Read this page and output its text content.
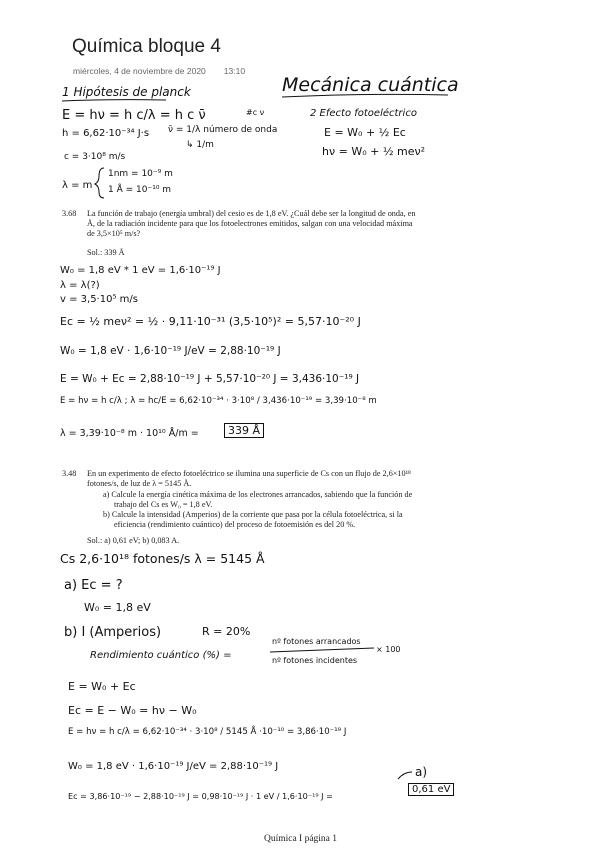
Química bloque 4
miércoles, 4 de noviembre de 2020 13:10
Mecánica cuántica
1 Hipótesis de planck
E = hν = h c/λ = h c ν̄	#c ν
h = 6,62·10⁻³⁴ J·s ν̄ = 1/λ número de onda
↳ 1/m
c = 3·10⁸ m/s
λ = m
1nm = 10⁻⁹ m
1 Å = 10⁻¹⁰ m
2 Efecto fotoeléctrico
E = W₀ + ½ Ec
hν = W₀ + ½ meν²
3.68 La función de trabajo (energía umbral) del cesio es de 1,8 eV. ¿Cuál debe ser la longitud de onda, en
Å, de la radiación incidente para que los fotoelectrones emitidos, salgan con una velocidad máxima
de 3,5×10⁵ m/s?
Sol.: 339 Å
W₀ = 1,8 eV * 1 eV = 1,6·10⁻¹⁹ J
λ = λ(?)
v = 3,5·10⁵ m/s
Ec = ½ meν² = ½ · 9,11·10⁻³¹ (3,5·10⁵)² = 5,57·10⁻²⁰ J
W₀ = 1,8 eV · 1,6·10⁻¹⁹ J/eV = 2,88·10⁻¹⁹ J
E = W₀ + Ec = 2,88·10⁻¹⁹ J + 5,57·10⁻²⁰ J = 3,436·10⁻¹⁹ J
E = hν = h c/λ ; λ = hc/E = 6,62·10⁻³⁴ · 3·10⁸ / 3,436·10⁻¹⁹ = 3,39·10⁻⁸ m
λ = 3,39·10⁻⁸ m · 10¹⁰ Å/m =	339 Å
3.48 En un experimento de efecto fotoeléctrico se ilumina una superficie de Cs con un flujo de 2,6×10¹⁸
fotones/s, de luz de λ = 5145 Å.
a) Calcule la energía cinética máxima de los electrones arrancados, sabiendo que la función de
trabajo del Cs es W₀ = 1,8 eV.
b) Calcule la intensidad (Amperios) de la corriente que pasa por la célula fotoeléctrica, si la
eficiencia (rendimiento cuántico) del proceso de fotoemisión es del 20 %.
Sol.: a) 0,61 eV; b) 0,083 A.
Cs 2,6·10¹⁸ fotones/s λ = 5145 Å
a) Ec = ?
W₀ = 1,8 eV
b) I (Amperios)	R = 20%
Rendimiento cuántico (%) =
nº fotones arrancados
nº fotones incidentes
× 100
E = W₀ + Ec
Ec = E − W₀ = hν − W₀
E = hν = h c/λ = 6,62·10⁻³⁴ · 3·10⁸ / 5145 Å ·10⁻¹⁰ = 3,86·10⁻¹⁹ J
W₀ = 1,8 eV · 1,6·10⁻¹⁹ J/eV = 2,88·10⁻¹⁹ J
Ec = 3,86·10⁻¹⁹ − 2,88·10⁻¹⁹ J = 0,98·10⁻¹⁹ J · 1 eV / 1,6·10⁻¹⁹ J =
a)
0,61 eV
Química I página 1
